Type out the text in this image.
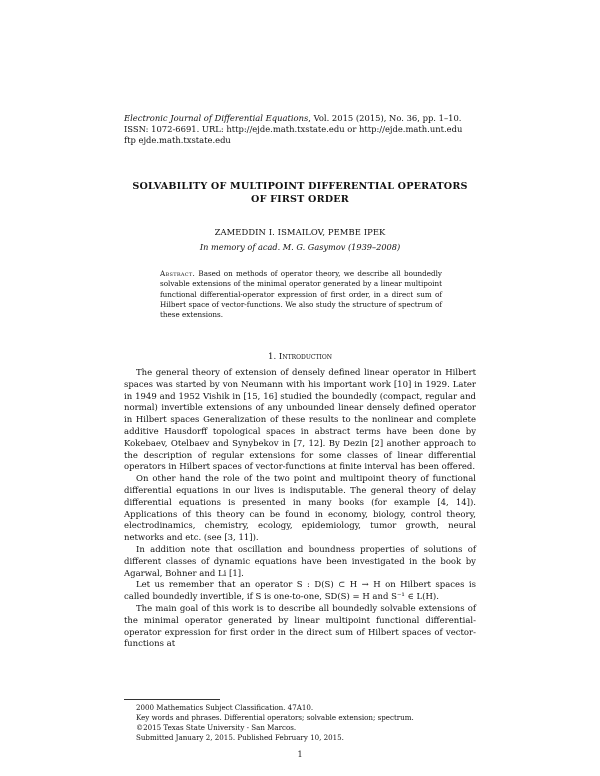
Electronic Journal of Differential Equations, Vol. 2015 (2015), No. 36, pp. 1–10.
ISSN: 1072-6691. URL: http://ejde.math.txstate.edu or http://ejde.math.unt.edu
ftp ejde.math.txstate.edu
SOLVABILITY OF MULTIPOINT DIFFERENTIAL OPERATORS
OF FIRST ORDER
ZAMEDDIN I. ISMAILOV, PEMBE IPEK
In memory of acad. M. G. Gasymov (1939–2008)
Abstract. Based on methods of operator theory, we describe all boundedly solvable extensions of the minimal operator generated by a linear multipoint functional differential-operator expression of first order, in a direct sum of Hilbert space of vector-functions. We also study the structure of spectrum of these extensions.
1. Introduction

The general theory of extension of densely defined linear operator in Hilbert spaces was started by von Neumann with his important work [10] in 1929. Later in 1949 and 1952 Vishik in [15, 16] studied the boundedly (compact, regular and normal) invertible extensions of any unbounded linear densely defined operator in Hilbert spaces Generalization of these results to the nonlinear and complete additive Hausdorff topological spaces in abstract terms have been done by Kokebaev, Otelbaev and Synybekov in [7, 12]. By Dezin [2] another approach to the description of regular extensions for some classes of linear differential operators in Hilbert spaces of vector-functions at finite interval has been offered.

On other hand the role of the two point and multipoint theory of functional differential equations in our lives is indisputable. The general theory of delay differential equations is presented in many books (for example [4, 14]). Applications of this theory can be found in economy, biology, control theory, electrodinamics, chemistry, ecology, epidemiology, tumor growth, neural networks and etc. (see [3, 11]).

In addition note that oscillation and boundness properties of solutions of different classes of dynamic equations have been investigated in the book by Agarwal, Bohner and Li [1].

Let us remember that an operator S : D(S) ⊂ H → H on Hilbert spaces is called boundedly invertible, if S is one-to-one, SD(S) = H and S⁻¹ ∈ L(H).

The main goal of this work is to describe all boundedly solvable extensions of the minimal operator generated by linear multipoint functional differential-operator expression for first order in the direct sum of Hilbert spaces of vector-functions at

2000 Mathematics Subject Classification. 47A10.
Key words and phrases. Differential operators; solvable extension; spectrum.
©2015 Texas State University - San Marcos.
Submitted January 2, 2015. Published February 10, 2015.
1
